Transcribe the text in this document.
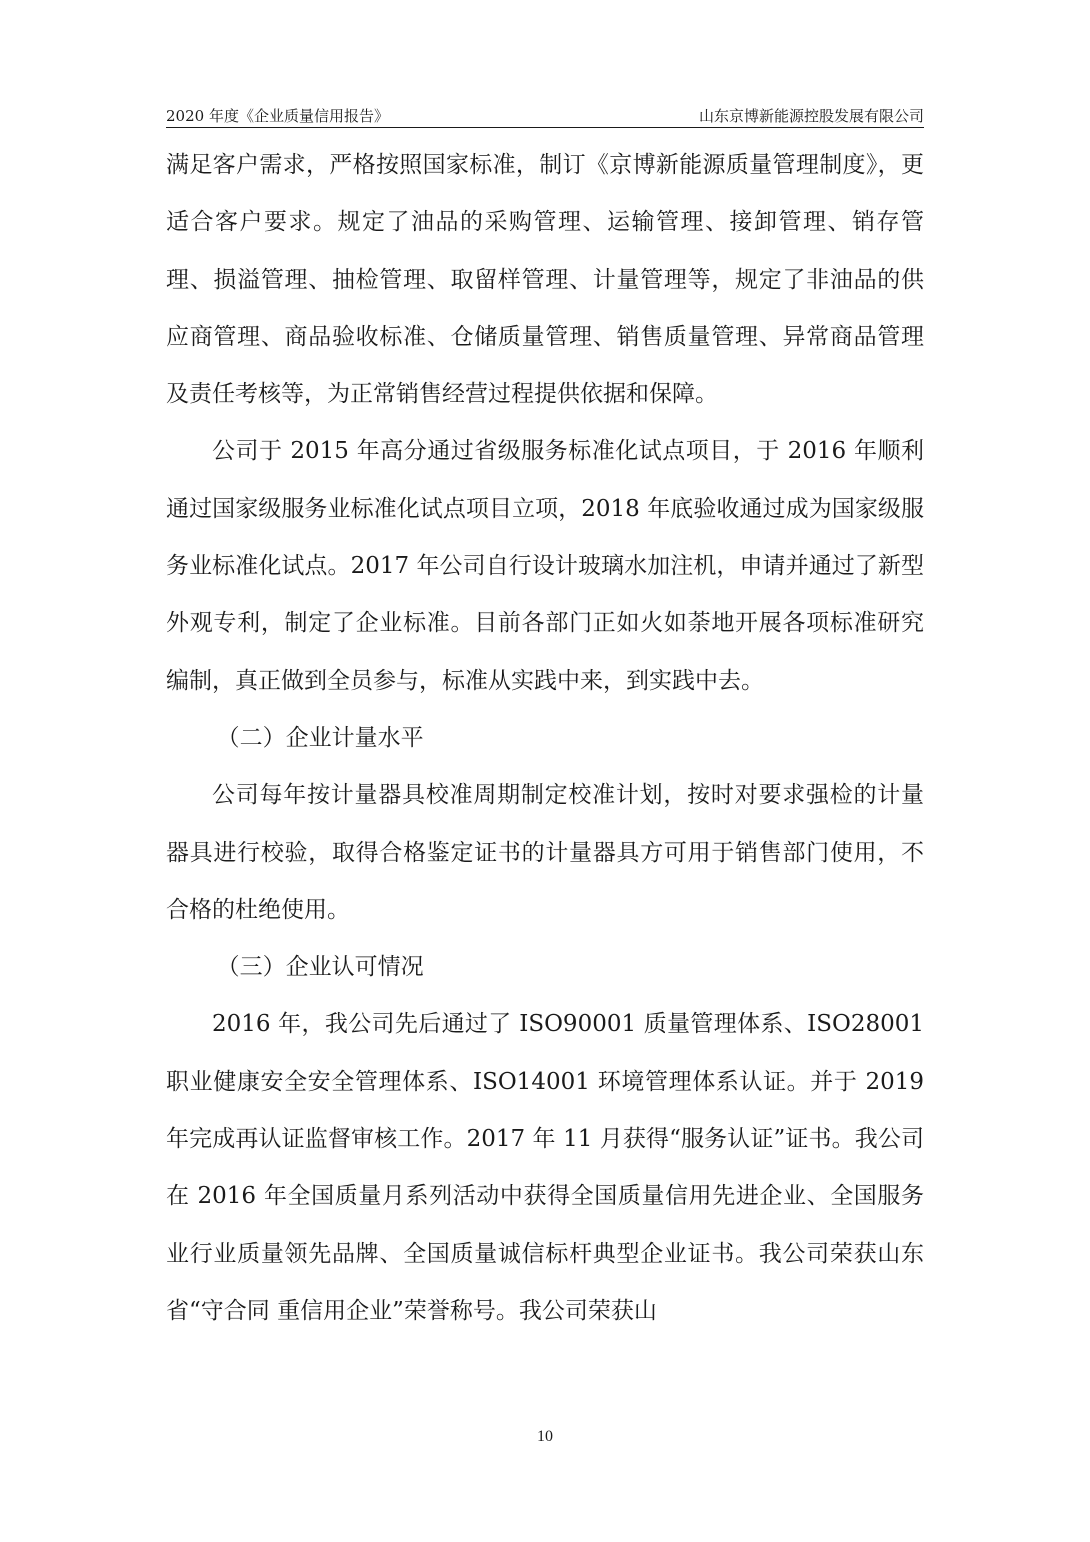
2020 年度《企业质量信用报告》	山东京博新能源控股发展有限公司

满足客户需求，严格按照国家标准，制订《京博新能源质量管理制度》，更适合客户要求。规定了油品的采购管理、运输管理、接卸管理、销存管理、损溢管理、抽检管理、取留样管理、计量管理等，规定了非油品的供应商管理、商品验收标准、仓储质量管理、销售质量管理、异常商品管理及责任考核等，为正常销售经营过程提供依据和保障。

公司于 2015 年高分通过省级服务标准化试点项目，于 2016 年顺利通过国家级服务业标准化试点项目立项，2018 年底验收通过成为国家级服务业标准化试点。2017 年公司自行设计玻璃水加注机，申请并通过了新型外观专利，制定了企业标准。目前各部门正如火如荼地开展各项标准研究编制，真正做到全员参与，标准从实践中来，到实践中去。

（二）企业计量水平

公司每年按计量器具校准周期制定校准计划，按时对要求强检的计量器具进行校验，取得合格鉴定证书的计量器具方可用于销售部门使用，不合格的杜绝使用。

（三）企业认可情况

2016 年，我公司先后通过了 ISO90001 质量管理体系、ISO28001 职业健康安全安全管理体系、ISO14001 环境管理体系认证。并于 2019 年完成再认证监督审核工作。2017 年 11 月获得“服务认证”证书。我公司在 2016 年全国质量月系列活动中获得全国质量信用先进企业、全国服务业行业质量领先品牌、全国质量诚信标杆典型企业证书。我公司荣获山东省“守合同 重信用企业”荣誉称号。我公司荣获山

10
